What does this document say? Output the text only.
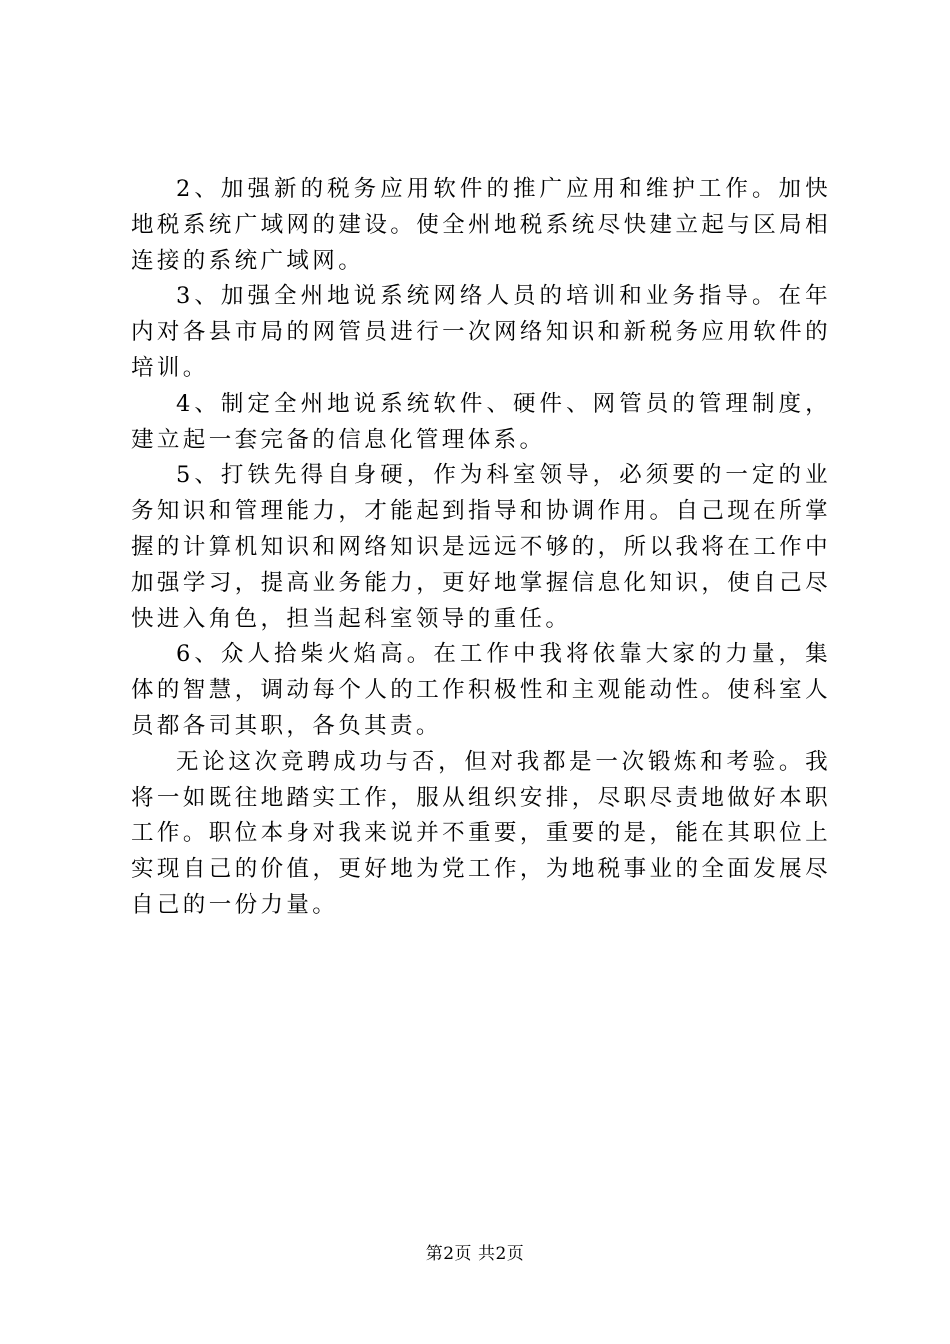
2、加强新的税务应用软件的推广应用和维护工作。加快地税系统广域网的建设。使全州地税系统尽快建立起与区局相连接的系统广域网。

3、加强全州地说系统网络人员的培训和业务指导。在年内对各县市局的网管员进行一次网络知识和新税务应用软件的培训。

4、制定全州地说系统软件、硬件、网管员的管理制度，建立起一套完备的信息化管理体系。

5、打铁先得自身硬，作为科室领导，必须要的一定的业务知识和管理能力，才能起到指导和协调作用。自己现在所掌握的计算机知识和网络知识是远远不够的，所以我将在工作中加强学习，提高业务能力，更好地掌握信息化知识，使自己尽快进入角色，担当起科室领导的重任。

6、众人拾柴火焰高。在工作中我将依靠大家的力量，集体的智慧，调动每个人的工作积极性和主观能动性。使科室人员都各司其职，各负其责。

无论这次竞聘成功与否，但对我都是一次锻炼和考验。我将一如既往地踏实工作，服从组织安排，尽职尽责地做好本职工作。职位本身对我来说并不重要，重要的是，能在其职位上实现自己的价值，更好地为党工作，为地税事业的全面发展尽自己的一份力量。

第2页 共2页
